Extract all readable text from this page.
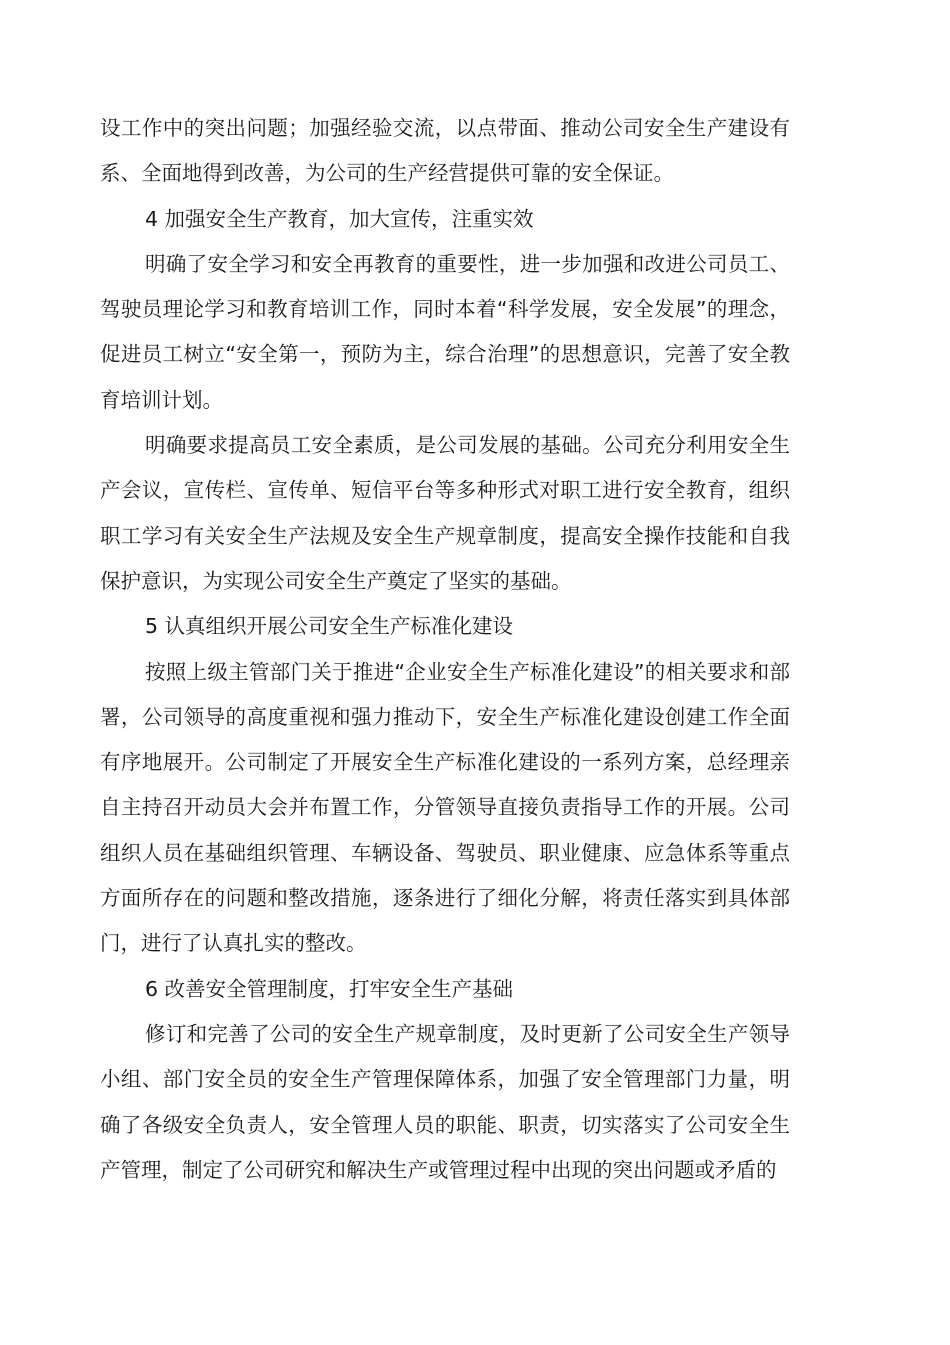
设工作中的突出问题；加强经验交流，以点带面、推动公司安全生产建设有系、全面地得到改善，为公司的生产经营提供可靠的安全保证。

4 加强安全生产教育，加大宣传，注重实效

明确了安全学习和安全再教育的重要性，进一步加强和改进公司员工、驾驶员理论学习和教育培训工作，同时本着“科学发展，安全发展”的理念，促进员工树立“安全第一，预防为主，综合治理”的思想意识，完善了安全教育培训计划。

明确要求提高员工安全素质，是公司发展的基础。公司充分利用安全生产会议，宣传栏、宣传单、短信平台等多种形式对职工进行安全教育，组织职工学习有关安全生产法规及安全生产规章制度，提高安全操作技能和自我保护意识，为实现公司安全生产奠定了坚实的基础。

5 认真组织开展公司安全生产标准化建设

按照上级主管部门关于推进“企业安全生产标准化建设”的相关要求和部署，公司领导的高度重视和强力推动下，安全生产标准化建设创建工作全面有序地展开。公司制定了开展安全生产标准化建设的一系列方案，总经理亲自主持召开动员大会并布置工作，分管领导直接负责指导工作的开展。公司组织人员在基础组织管理、车辆设备、驾驶员、职业健康、应急体系等重点方面所存在的问题和整改措施，逐条进行了细化分解，将责任落实到具体部门，进行了认真扎实的整改。

6 改善安全管理制度，打牢安全生产基础

修订和完善了公司的安全生产规章制度，及时更新了公司安全生产领导小组、部门安全员的安全生产管理保障体系，加强了安全管理部门力量，明确了各级安全负责人，安全管理人员的职能、职责，切实落实了公司安全生产管理，制定了公司研究和解决生产或管理过程中出现的突出问题或矛盾的
